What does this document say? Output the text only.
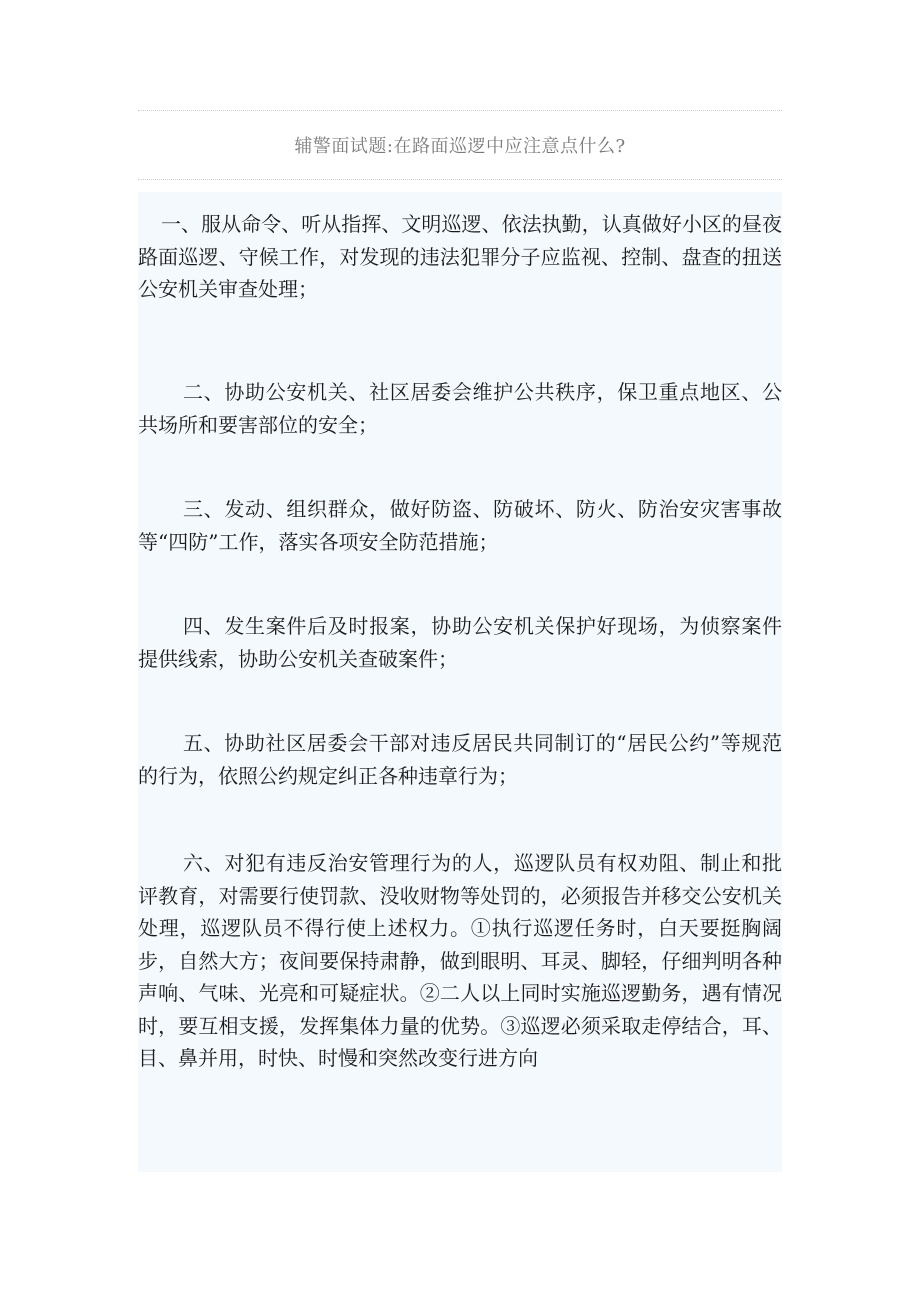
辅警面试题:在路面巡逻中应注意点什么?

一、服从命令、听从指挥、文明巡逻、依法执勤，认真做好小区的昼夜路面巡逻、守候工作，对发现的违法犯罪分子应监视、控制、盘查的扭送公安机关审查处理；

二、协助公安机关、社区居委会维护公共秩序，保卫重点地区、公共场所和要害部位的安全；

三、发动、组织群众，做好防盗、防破坏、防火、防治安灾害事故等“四防”工作，落实各项安全防范措施；

四、发生案件后及时报案，协助公安机关保护好现场，为侦察案件提供线索，协助公安机关查破案件；

五、协助社区居委会干部对违反居民共同制订的“居民公约”等规范的行为，依照公约规定纠正各种违章行为；

六、对犯有违反治安管理行为的人，巡逻队员有权劝阻、制止和批评教育，对需要行使罚款、没收财物等处罚的，必须报告并移交公安机关处理，巡逻队员不得行使上述权力。①执行巡逻任务时，白天要挺胸阔步，自然大方；夜间要保持肃静，做到眼明、耳灵、脚轻，仔细判明各种声响、气味、光亮和可疑症状。②二人以上同时实施巡逻勤务，遇有情况时，要互相支援，发挥集体力量的优势。③巡逻必须采取走停结合，耳、目、鼻并用，时快、时慢和突然改变行进方向
